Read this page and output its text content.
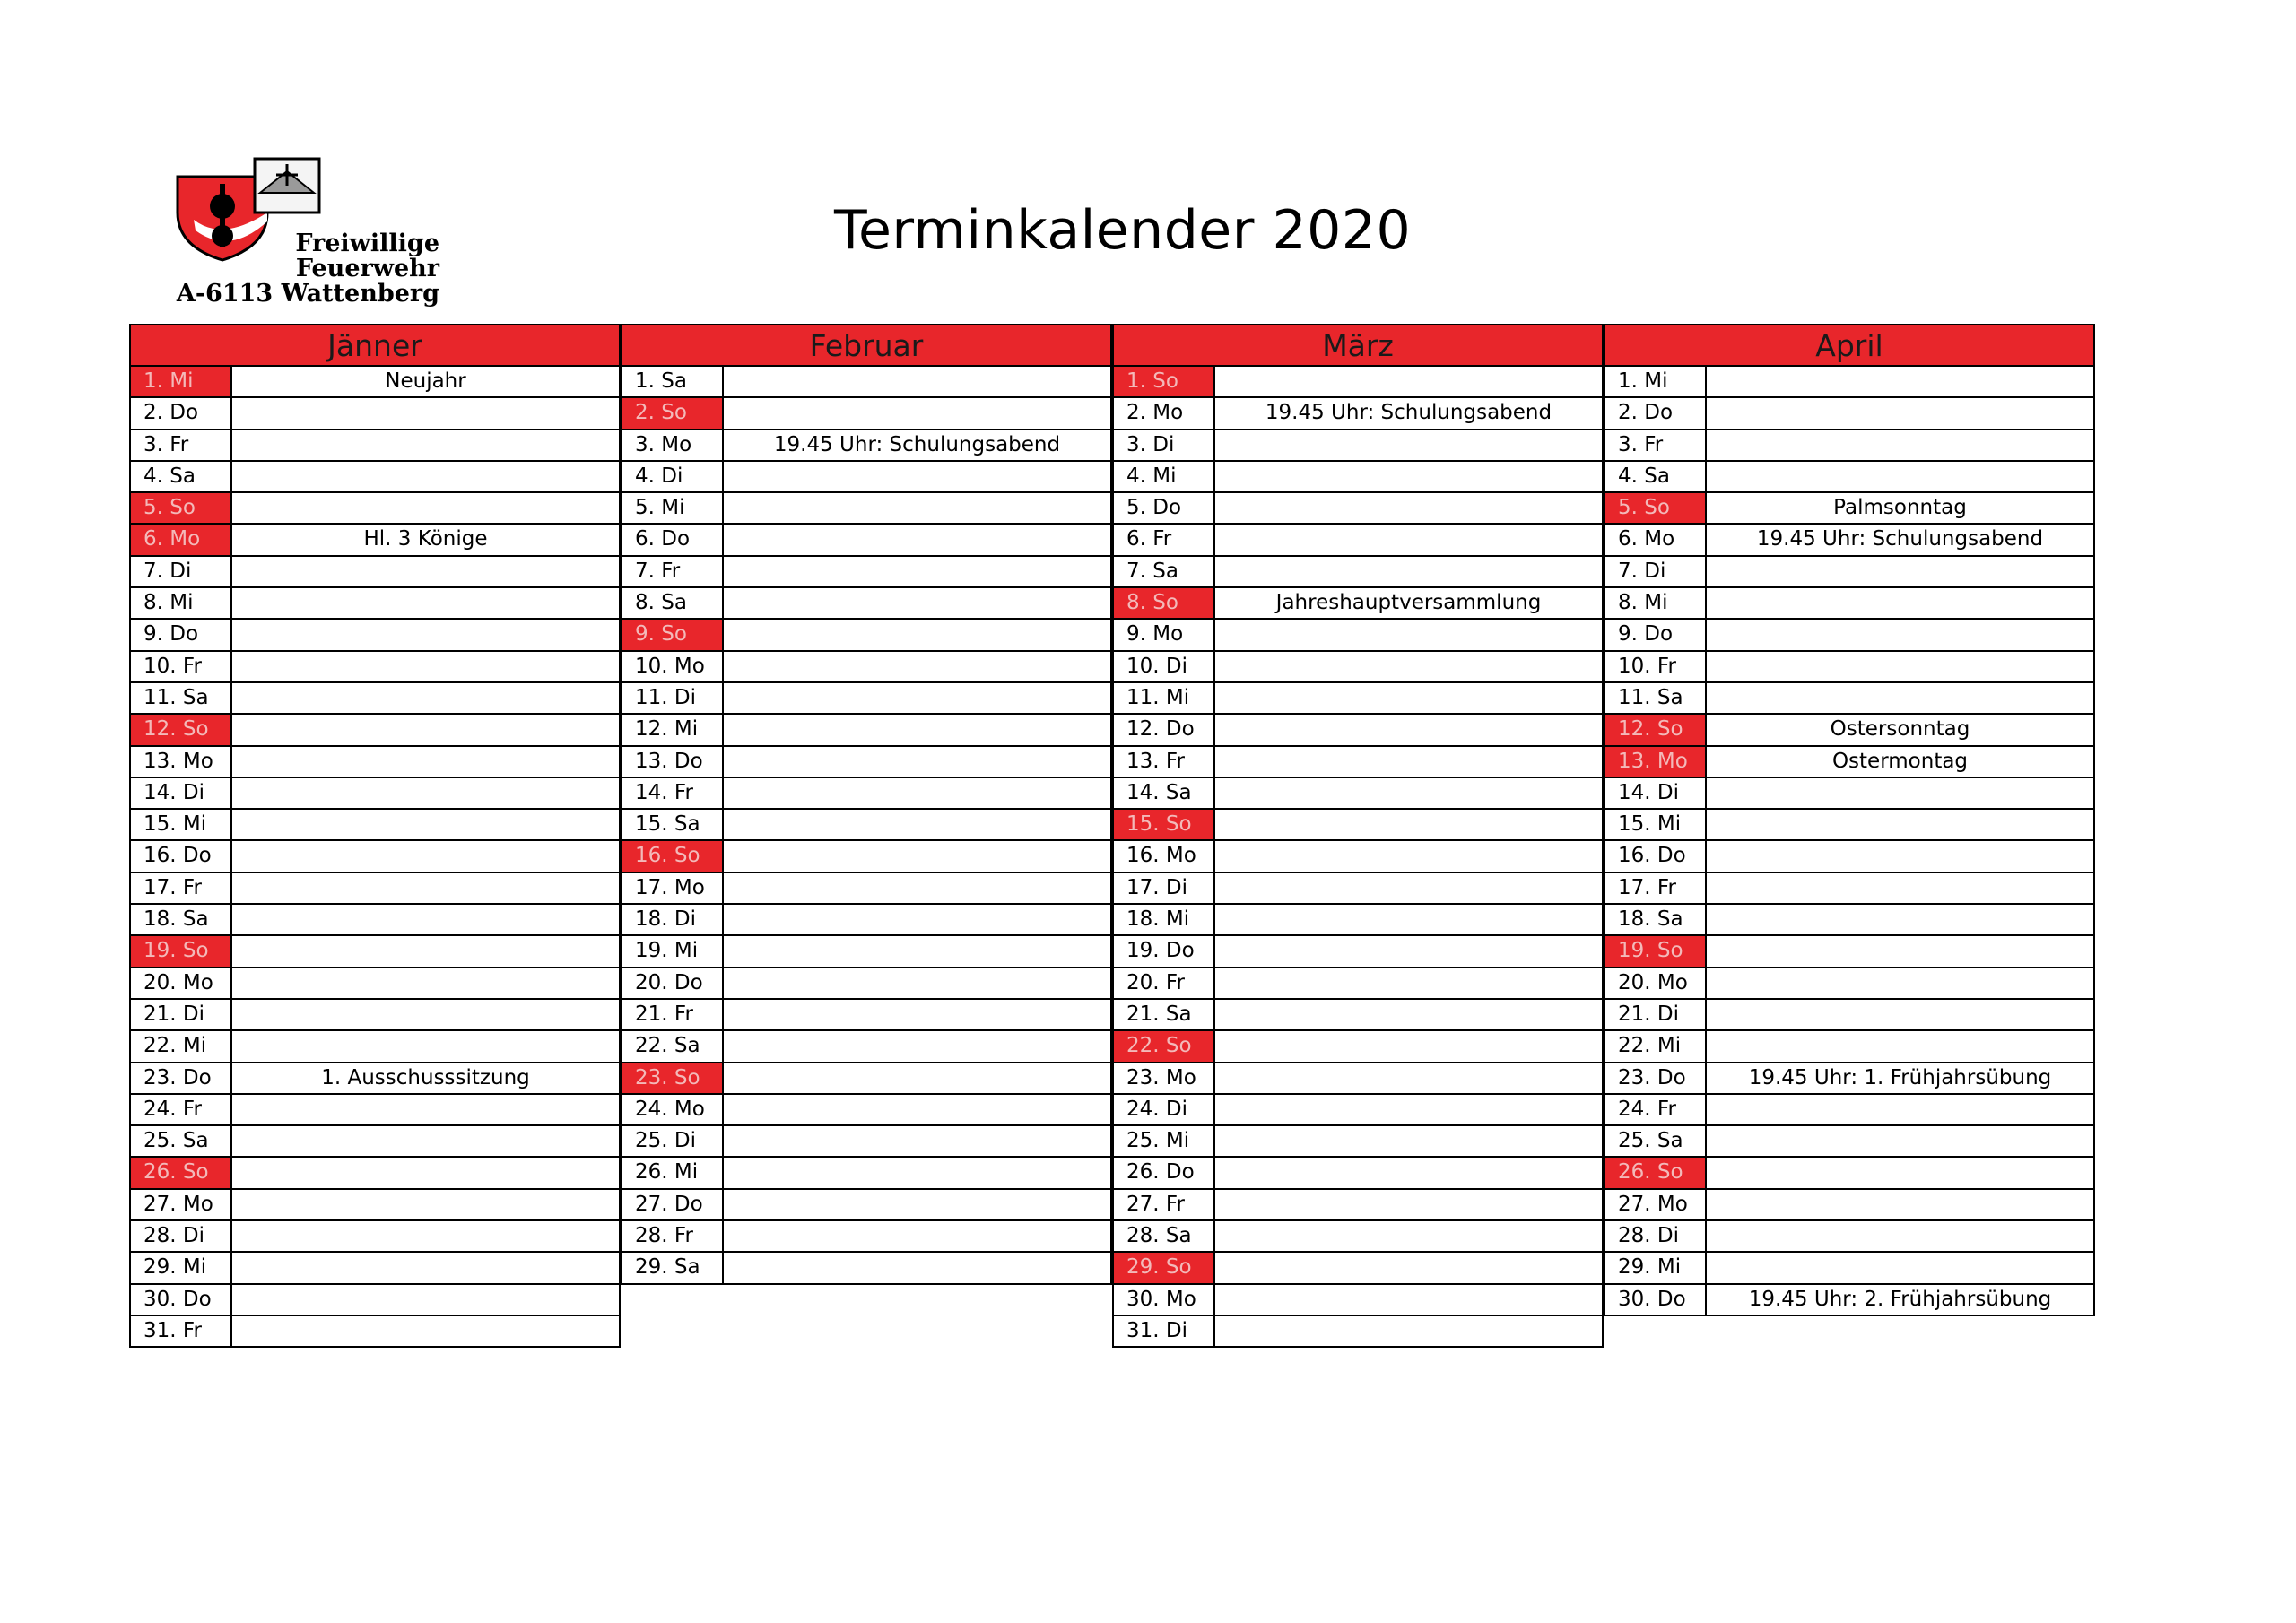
Freiwillige
Feuerwehr
A-6113 Wattenberg
Terminkalender 2020
Jänner
1. Mi	Neujahr
2. Do
3. Fr
4. Sa
5. So
6. Mo	Hl. 3 Könige
7. Di
8. Mi
9. Do
10. Fr
11. Sa
12. So
13. Mo
14. Di
15. Mi
16. Do
17. Fr
18. Sa
19. So
20. Mo
21. Di
22. Mi
23. Do	1. Ausschusssitzung
24. Fr
25. Sa
26. So
27. Mo
28. Di
29. Mi
30. Do
31. Fr
Februar
1. Sa
2. So
3. Mo	19.45 Uhr: Schulungsabend
4. Di
5. Mi
6. Do
7. Fr
8. Sa
9. So
10. Mo
11. Di
12. Mi
13. Do
14. Fr
15. Sa
16. So
17. Mo
18. Di
19. Mi
20. Do
21. Fr
22. Sa
23. So
24. Mo
25. Di
26. Mi
27. Do
28. Fr
29. Sa
März
1. So
2. Mo	19.45 Uhr: Schulungsabend
3. Di
4. Mi
5. Do
6. Fr
7. Sa
8. So	Jahreshauptversammlung
9. Mo
10. Di
11. Mi
12. Do
13. Fr
14. Sa
15. So
16. Mo
17. Di
18. Mi
19. Do
20. Fr
21. Sa
22. So
23. Mo
24. Di
25. Mi
26. Do
27. Fr
28. Sa
29. So
30. Mo
31. Di
April
1. Mi
2. Do
3. Fr
4. Sa
5. So	Palmsonntag
6. Mo	19.45 Uhr: Schulungsabend
7. Di
8. Mi
9. Do
10. Fr
11. Sa
12. So	Ostersonntag
13. Mo	Ostermontag
14. Di
15. Mi
16. Do
17. Fr
18. Sa
19. So
20. Mo
21. Di
22. Mi
23. Do	19.45 Uhr: 1. Frühjahrsübung
24. Fr
25. Sa
26. So
27. Mo
28. Di
29. Mi
30. Do	19.45 Uhr: 2. Frühjahrsübung
